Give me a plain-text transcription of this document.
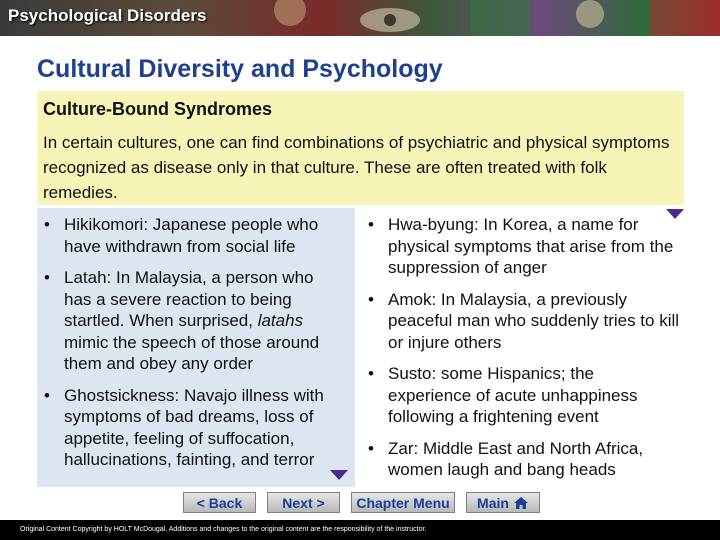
Psychological Disorders
Cultural Diversity and Psychology
Culture-Bound Syndromes
In certain cultures, one can find combinations of psychiatric and physical symptoms recognized as disease only in that culture. These are often treated with folk remedies.
• Hikikomori: Japanese people who have withdrawn from social life
• Latah: In Malaysia, a person who has a severe reaction to being startled. When surprised, latahs mimic the speech of those around them and obey any order
• Ghostsickness: Navajo illness with symptoms of bad dreams, loss of appetite, feeling of suffocation, hallucinations, fainting, and terror
• Hwa-byung: In Korea, a name for physical symptoms that arise from the suppression of anger
• Amok: In Malaysia, a previously peaceful man who suddenly tries to kill or injure others
• Susto: some Hispanics; the experience of acute unhappiness following a frightening event
• Zar: Middle East and North Africa, women laugh and bang heads
< Back	Next >	Chapter Menu	Main
Original Content Copyright by HOLT McDougal. Additions and changes to the original content are the responsibility of the instructor.
